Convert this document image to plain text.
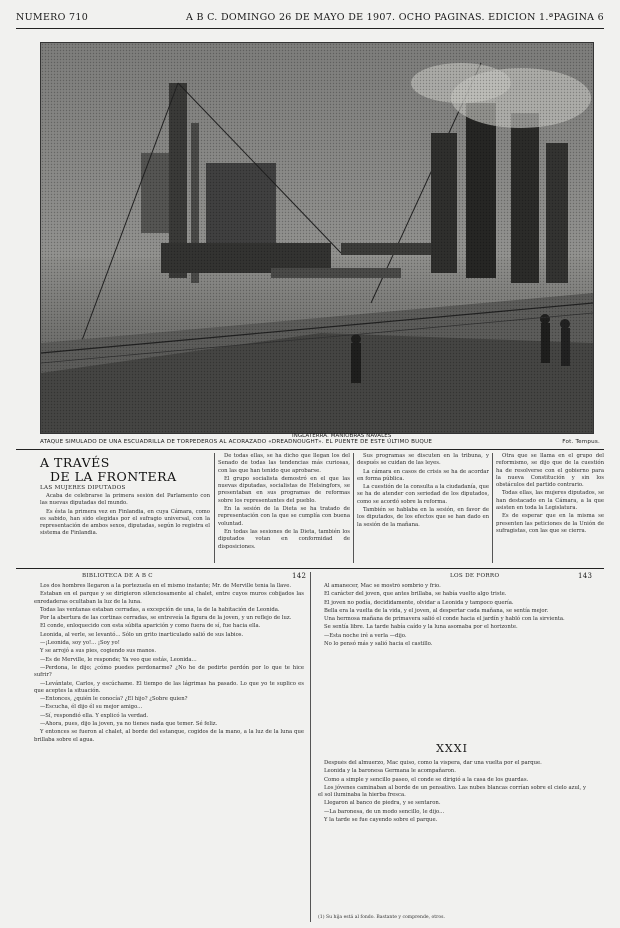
NUMERO 710	A B C. DOMINGO 26 DE MAYO DE 1907. OCHO PAGINAS. EDICION 1.ª PAGINA 6
INGLATERRA. MANIOBRAS NAVALES
ATAQUE SIMULADO DE UNA ESCUADRILLA DE TORPEDEROS AL ACORAZADO «DREADNOUGHT». EL PUENTE DE ESTE ÚLTIMO BUQUE	Fot. Tempus.
A TRAVÉS
DE LA FRONTERA
LAS MUJERES DIPUTADOS

Acaba de celebrarse la primera sesión del Parlamento con las nuevas diputadas del mundo.

Es ésta la primera vez en Finlandia, en cuya Cámara, como es sabido, han sido elegidas por el sufragio universal, con la representación de ambos sexos, diputadas, según lo registra el sistema de Finlandia.

De todas ellas, se ha dicho que llegan los del Senado de todas las tendencias más curiosas, con las que han tenido que aprobarse.

El grupo socialista demostró en el que las nuevas diputadas, socialistas de Helsingfors, se presentaban en sus programas de reformas sobre los representantes del pueblo.

En la sesión de la Dieta se ha tratado de representación con la que se cumplía con buena voluntad.

En todas las sesiones de la Dieta, también los diputados votan en conformidad de disposiciones.

Sus programas se discuten en la tribuna, y después se cuidan de las leyes.

La cámara en casos de crisis se ha de acordar en forma pública.

La cuestión de la consulta a la ciudadanía, que se ha de atender con seriedad de los diputados, como se acordó sobre la reforma.

También se hablaba en la sesión, en favor de los diputados, de los efectos que se han dado en la sesión de la mañana.

Otra que se llama en el grupo del reformismo, se dijo que de la cuestión ha de resolverse con el gobierno para la nueva Constitución y sin los obstáculos del partido contrario.

Todas ellas, las mujeres diputados, se han destacado en la Cámara, a la que asisten en toda la Legislatura.

Es de esperar que en la misma se presenten las peticiones de la Unión de sufragistas, con las que se cierra.

BIBLIOTECA DE A B C	142	LOS DE FORRO	143

Los dos hombres llegaron a la portezuela en el mismo instante; Mr. de Merville tenía la llave.

Estaban en el parque y se dirigieron silenciosamente al chalet, entre cuyos muros cobijados las enredaderas ocultaban la luz de la luna.

Todas las ventanas estaban cerradas, a excepción de una, la de la habitación de Leonida.

Por la abertura de las cortinas cerradas, se entreveía la figura de la joven, y un reflejo de luz.

El conde, enloquecido con esta súbita aparición y como fuera de sí, fue hacia ella.

Leonida, al verle, se levantó... Sólo un grito inarticulado salió de sus labios.

—¡Leonida, soy yo!... ¡Soy yo!

Y se arrojó a sus pies, cogiendo sus manos.

—Es de Merville, le responde; Ya veo que estás, Leonida...

—Perdona, le dijo; ¿cómo puedes perdonarme? ¿No he de pedirte perdón por lo que te hice sufrir?

—Levántate, Carlos, y escúchame. El tiempo de las lágrimas ha pasado. Lo que yo te suplico es que aceptes la situación.

—Entonces, ¿quién le conocía? ¿El hijo? ¿Sobre quien?

—Escucha, él dijo él su mejor amigo...

—Sí, respondió ella. Y explicó la verdad.

—Ahora, pues, dijo la joven, ya no tienes nada que temer. Sé feliz.

Y entonces se fueron al chalet, al borde del estanque, cogidos de la mano, a la luz de la luna que brillaba sobre el agua.

Al amanecer, Mac se mostró sombrío y frío.

El carácter del joven, que antes brillaba, se había vuelto algo triste.

El joven no podía, decididamente, olvidar a Leonida y tampoco quería.

Bella era la vuelta de la vida, y el joven, al despertar cada mañana, se sentía mejor.

Una hermosa mañana de primavera salió el conde hacia el jardín y habló con la sirvienta.

Se sentía libre. La tarde había caído y la luna asomaba por el horizonte.

—Esta noche iré a verla —dijo.

No lo pensó más y salió hacia el castillo.

XXXI

Después del almuerzo, Mac quiso, como la víspera, dar una vuelta por el parque.

Leonida y la baronesa Germana le acompañaron.

Como a simple y sencillo paseo, el conde se dirigió a la casa de los guardas.

Los jóvenes caminaban al borde de un pensativo. Las nubes blancas corrían sobre el cielo azul, y el sol iluminaba la hierba fresca.

Llegaron al banco de piedra, y se sentaron.

—La baronesa, de un modo sencillo, le dijo...

Y la tarde se fue cayendo sobre el parque.

(1) Su hija está al fondo. Bastante y comprende, otros.
